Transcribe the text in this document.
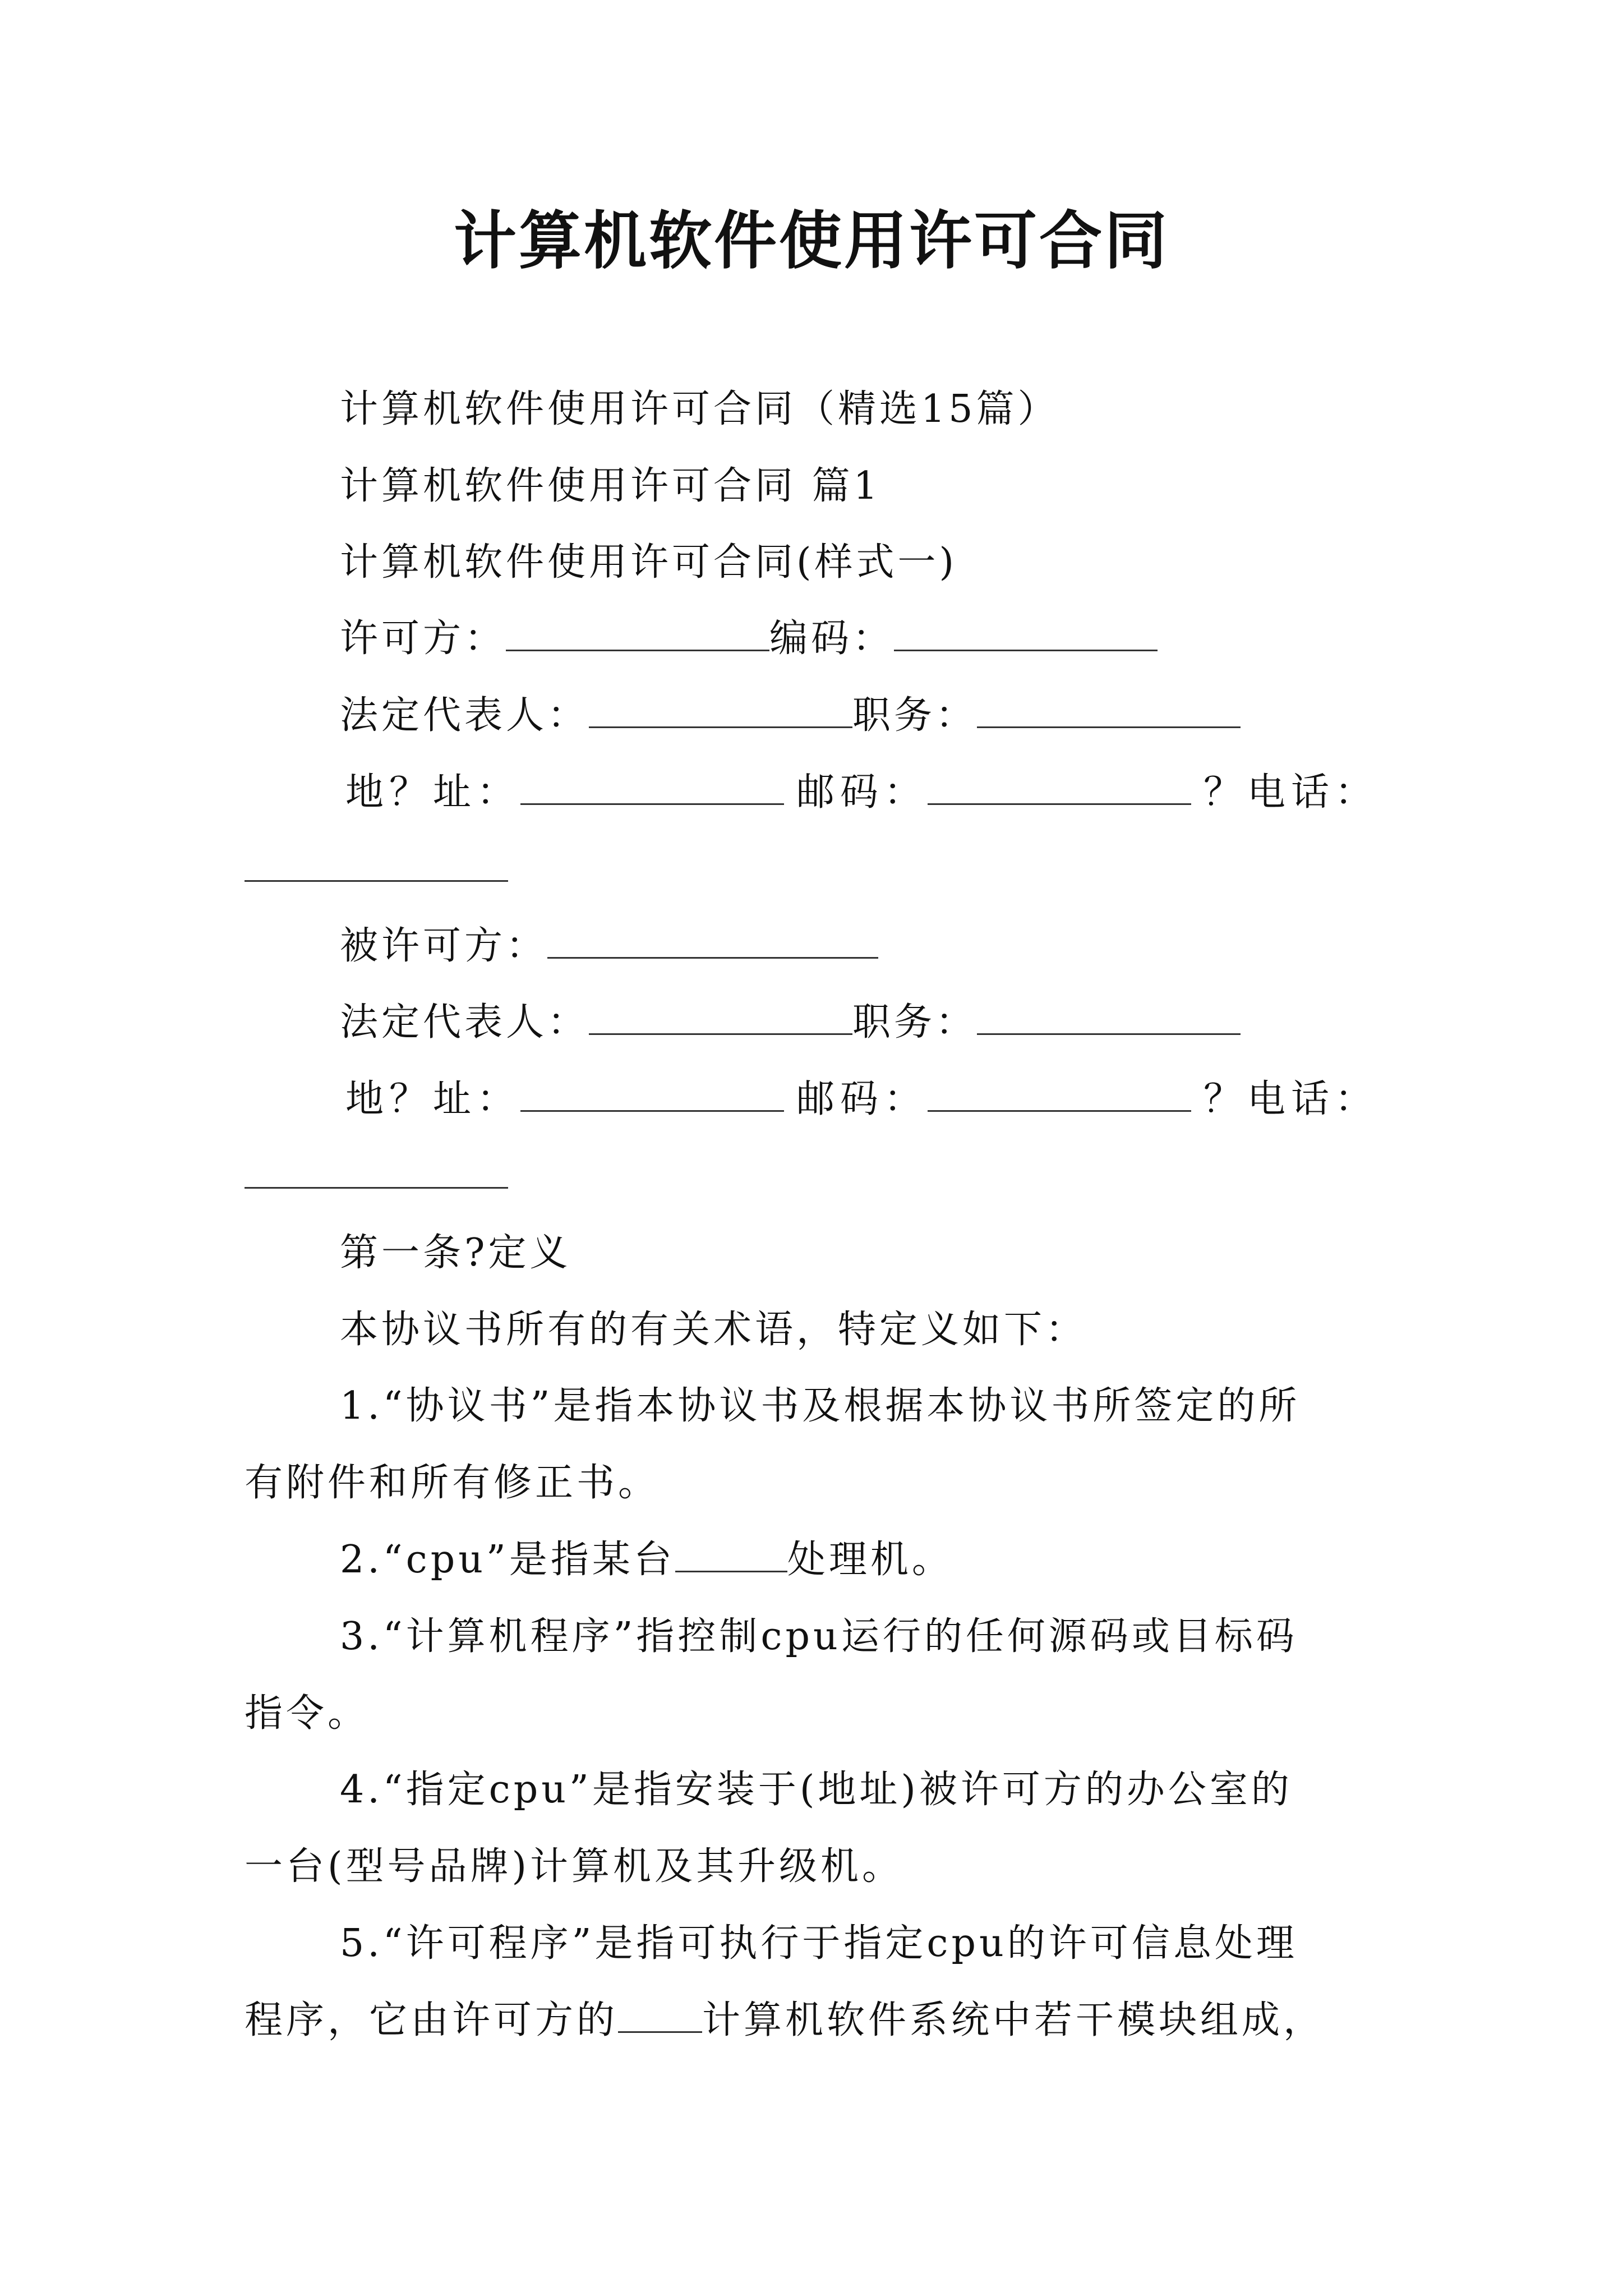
计算机软件使用许可合同
计算机软件使用许可合同（精选15篇）
计算机软件使用许可合同 篇1
计算机软件使用许可合同(样式一)
许可方：	编码：
法定代表人：	职务：
地？址：	邮码：	？电话：
被许可方：
法定代表人：	职务：
地？址：	邮码：	？电话：
第一条?定义
本协议书所有的有关术语，特定义如下：
1.“协议书”是指本协议书及根据本协议书所签定的所
有附件和所有修正书。
2.“cpu”是指某台	处理机。
3.“计算机程序”指控制cpu运行的任何源码或目标码
指令。
4.“指定cpu”是指安装于(地址)被许可方的办公室的
一台(型号品牌)计算机及其升级机。
5.“许可程序”是指可执行于指定cpu的许可信息处理
程序，它由许可方的 计算机软件系统中若干模块组成，
